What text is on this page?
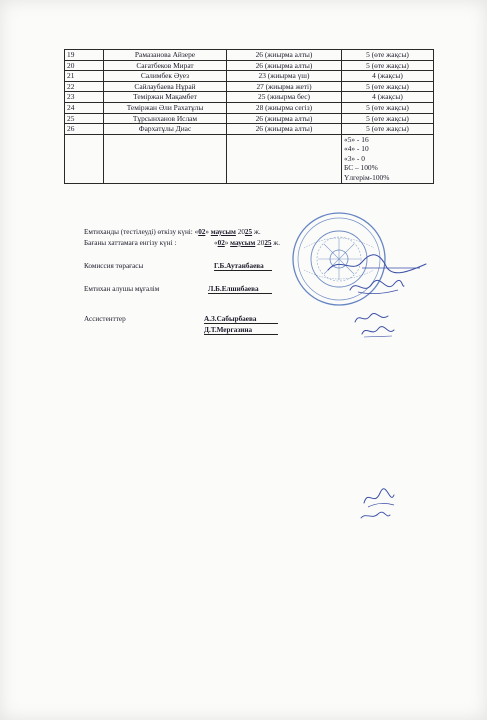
19	Рамазанова Айзере	26 (жиырма алты)	5 (өте жақсы)
20	Сағатбеков Мират	26 (жиырма алты)	5 (өте жақсы)
21	Салимбек Әуез	23 (жиырма үш)	4 (жақсы)
22	Сайлаубаева Нұрай	27 (жиырма жеті)	5 (өте жақсы)
23	Теміржан Мақамбет	25 (жиырма бес)	4 (жақсы)
24	Теміржан Әли Рахатұлы	28 (жиырма сегіз)	5 (өте жақсы)
25	Тұрсынханов Ислам	26 (жиырма алты)	5 (өте жақсы)
26	Фархатұлы Диас	26 (жиырма алты)	5 (өте жақсы)

			«5» - 16
«4» - 10
«3» - 0
БС – 100%
Үлгерім-100%
Емтиханды (тестілеуді) өткізу күні: «02» маусым 2025 ж.
Бағаны хаттамаға енгізу күні :	«02» маусым 2025 ж.
Комиссия төрағасы	Г.Б.Аутанбаева
Емтихан алушы мұғалім	Л.Б.Елшибаева
Ассистенттер	А.З.Сабырбаева
Д.Т.Мергазина
